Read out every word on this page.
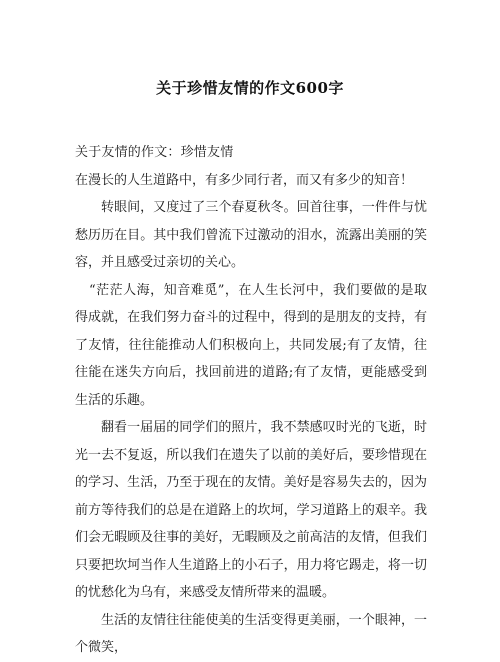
关于珍惜友情的作文600字

关于友情的作文：珍惜友情

在漫长的人生道路中，有多少同行者，而又有多少的知音！

转眼间，又度过了三个春夏秋冬。回首往事，一件件与忧愁历历在目。其中我们曾流下过激动的泪水，流露出美丽的笑容，并且感受过亲切的关心。

“茫茫人海，知音难觅”，在人生长河中，我们要做的是取得成就，在我们努力奋斗的过程中，得到的是朋友的支持，有了友情，往往能推动人们积极向上，共同发展;有了友情，往往能在迷失方向后，找回前进的道路;有了友情，更能感受到生活的乐趣。

翻看一届届的同学们的照片，我不禁感叹时光的飞逝，时光一去不复返，所以我们在遗失了以前的美好后，要珍惜现在的学习、生活，乃至于现在的友情。美好是容易失去的，因为前方等待我们的总是在道路上的坎坷，学习道路上的艰辛。我们会无暇顾及往事的美好，无暇顾及之前高洁的友情，但我们只要把坎坷当作人生道路上的小石子，用力将它踢走，将一切的忧愁化为乌有，来感受友情所带来的温暖。

生活的友情往往能使美的生活变得更美丽，一个眼神，一个微笑，
